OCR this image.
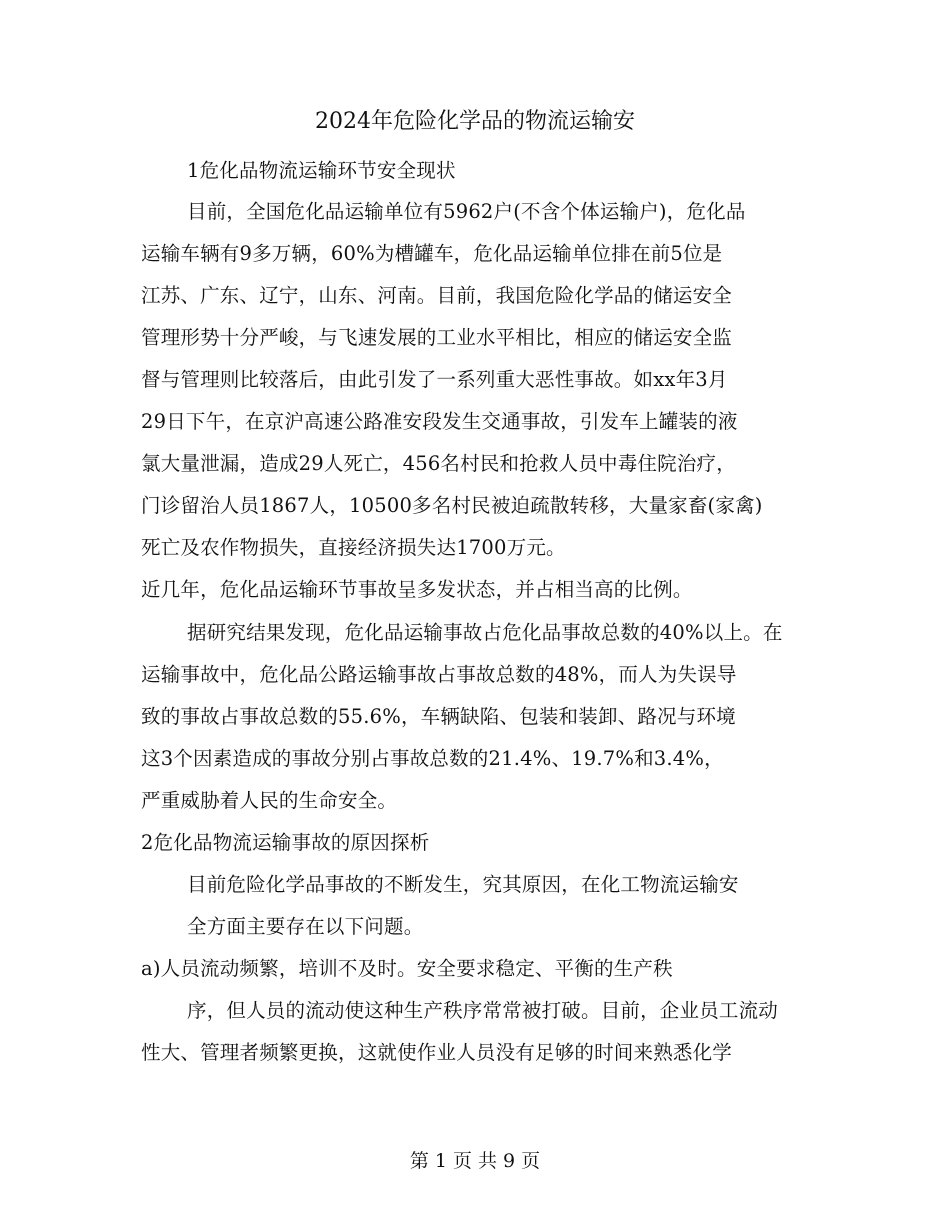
2024年危险化学品的物流运输安
1危化品物流运输环节安全现状
目前，全国危化品运输单位有5962户(不含个体运输户)，危化品
运输车辆有9多万辆，60%为槽罐车，危化品运输单位排在前5位是
江苏、广东、辽宁，山东、河南。目前，我国危险化学品的储运安全
管理形势十分严峻，与飞速发展的工业水平相比，相应的储运安全监
督与管理则比较落后，由此引发了一系列重大恶性事故。如xx年3月
29日下午，在京沪高速公路准安段发生交通事故，引发车上罐装的液
氯大量泄漏，造成29人死亡，456名村民和抢救人员中毒住院治疗，
门诊留治人员1867人，10500多名村民被迫疏散转移，大量家畜(家禽)
死亡及农作物损失，直接经济损失达1700万元。
近几年，危化品运输环节事故呈多发状态，并占相当高的比例。
据研究结果发现，危化品运输事故占危化品事故总数的40%以上。在
运输事故中，危化品公路运输事故占事故总数的48%，而人为失误导
致的事故占事故总数的55.6%，车辆缺陷、包装和装卸、路况与环境
这3个因素造成的事故分别占事故总数的21.4%、19.7%和3.4%，
严重威胁着人民的生命安全。
2危化品物流运输事故的原因探析
目前危险化学品事故的不断发生，究其原因，在化工物流运输安
全方面主要存在以下问题。
a)人员流动频繁，培训不及时。安全要求稳定、平衡的生产秩
序，但人员的流动使这种生产秩序常常被打破。目前，企业员工流动
性大、管理者频繁更换，这就使作业人员没有足够的时间来熟悉化学
第 1 页 共 9 页
